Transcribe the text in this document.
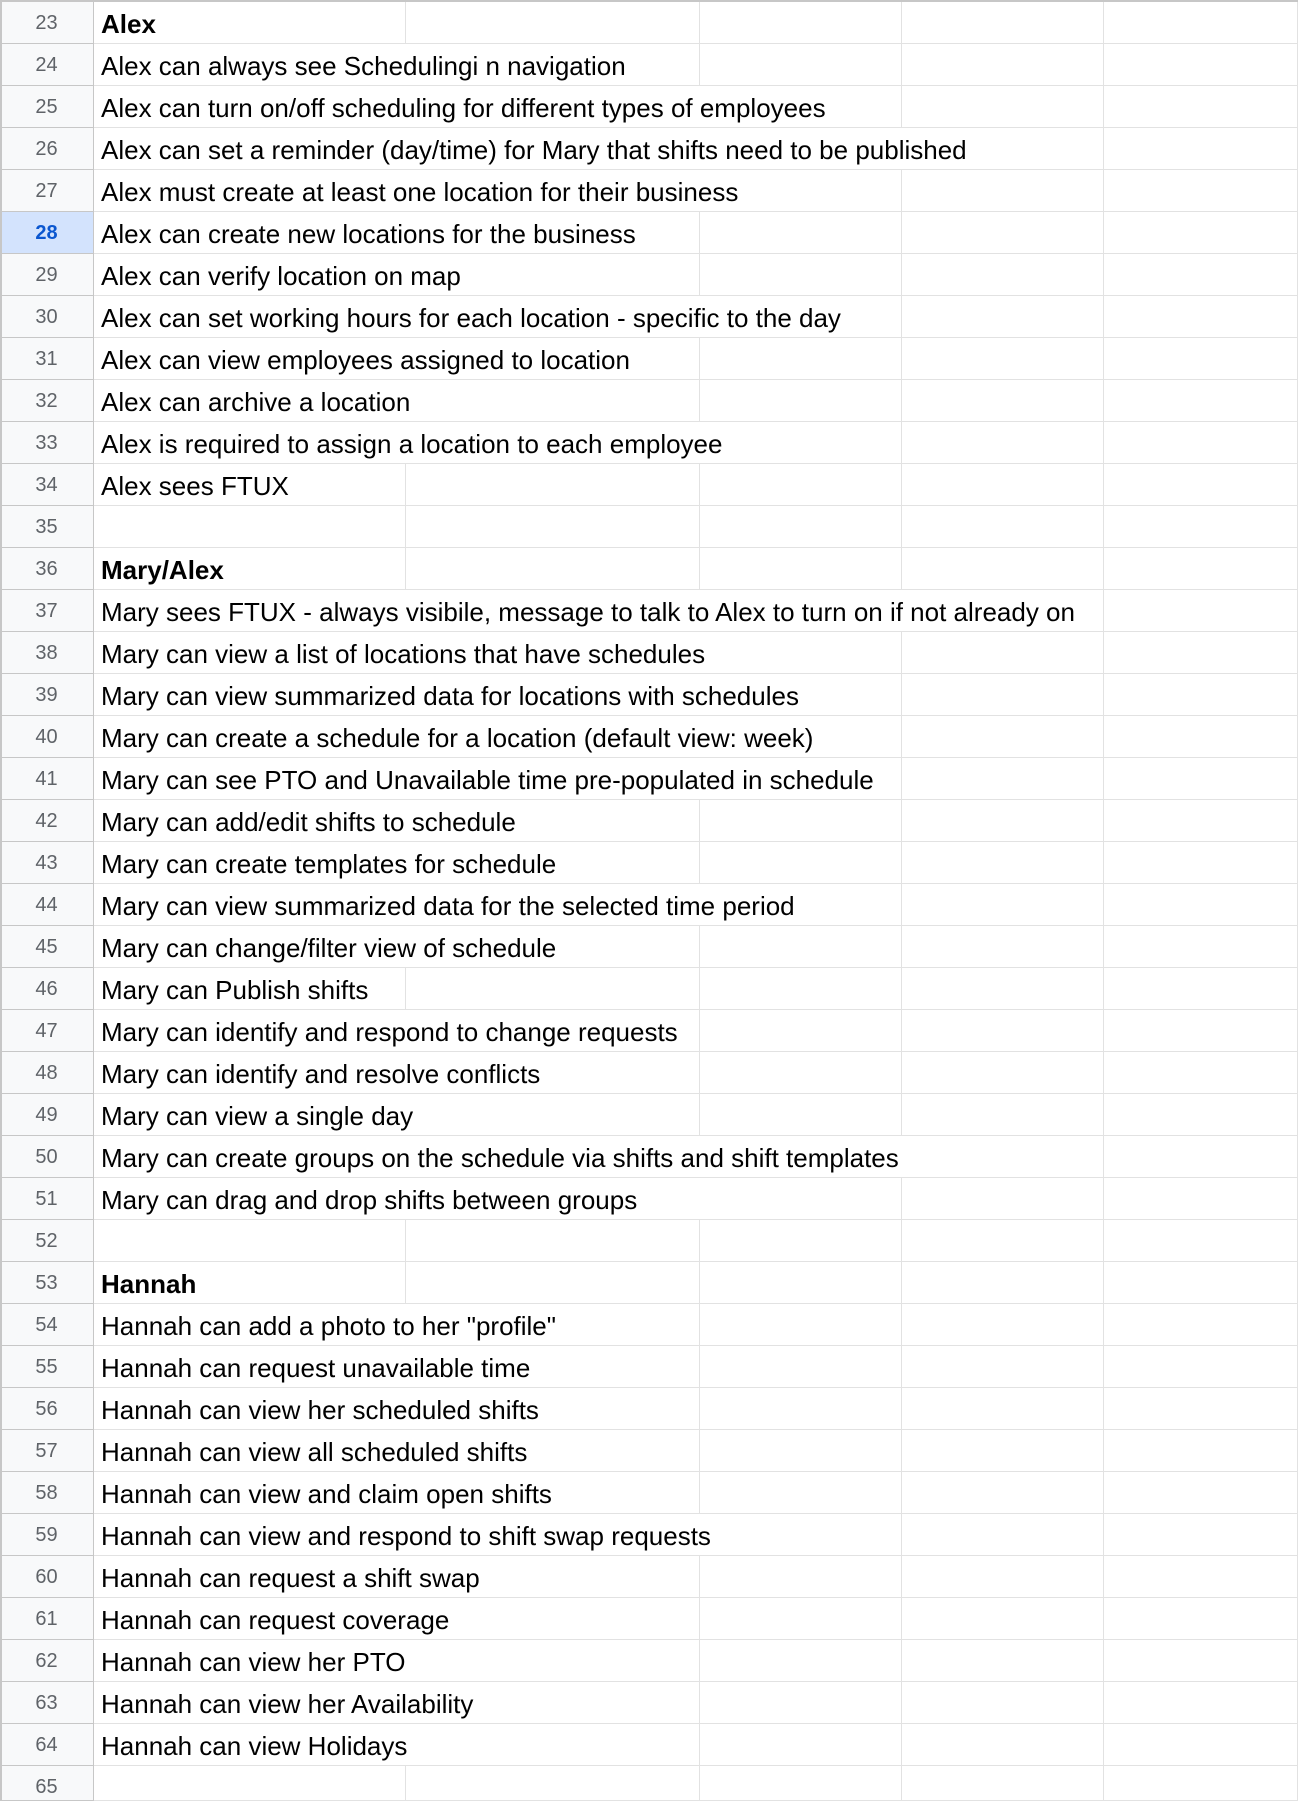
23	Alex
24	Alex can always see Schedulingi n navigation
25	Alex can turn on/off scheduling for different types of employees
26	Alex can set a reminder (day/time) for Mary that shifts need to be published
27	Alex must create at least one location for their business
28	Alex can create new locations for the business
29	Alex can verify location on map
30	Alex can set working hours for each location - specific to the day
31	Alex can view employees assigned to location
32	Alex can archive a location
33	Alex is required to assign a location to each employee
34	Alex sees FTUX
35
36	Mary/Alex
37	Mary sees FTUX - always visibile, message to talk to Alex to turn on if not already on
38	Mary can view a list of locations that have schedules
39	Mary can view summarized data for locations with schedules
40	Mary can create a schedule for a location (default view: week)
41	Mary can see PTO and Unavailable time pre-populated in schedule
42	Mary can add/edit shifts to schedule
43	Mary can create templates for schedule
44	Mary can view summarized data for the selected time period
45	Mary can change/filter view of schedule
46	Mary can Publish shifts
47	Mary can identify and respond to change requests
48	Mary can identify and resolve conflicts
49	Mary can view a single day
50	Mary can create groups on the schedule via shifts and shift templates
51	Mary can drag and drop shifts between groups
52
53	Hannah
54	Hannah can add a photo to her "profile"
55	Hannah can request unavailable time
56	Hannah can view her scheduled shifts
57	Hannah can view all scheduled shifts
58	Hannah can view and claim open shifts
59	Hannah can view and respond to shift swap requests
60	Hannah can request a shift swap
61	Hannah can request coverage
62	Hannah can view her PTO
63	Hannah can view her Availability
64	Hannah can view Holidays
65
